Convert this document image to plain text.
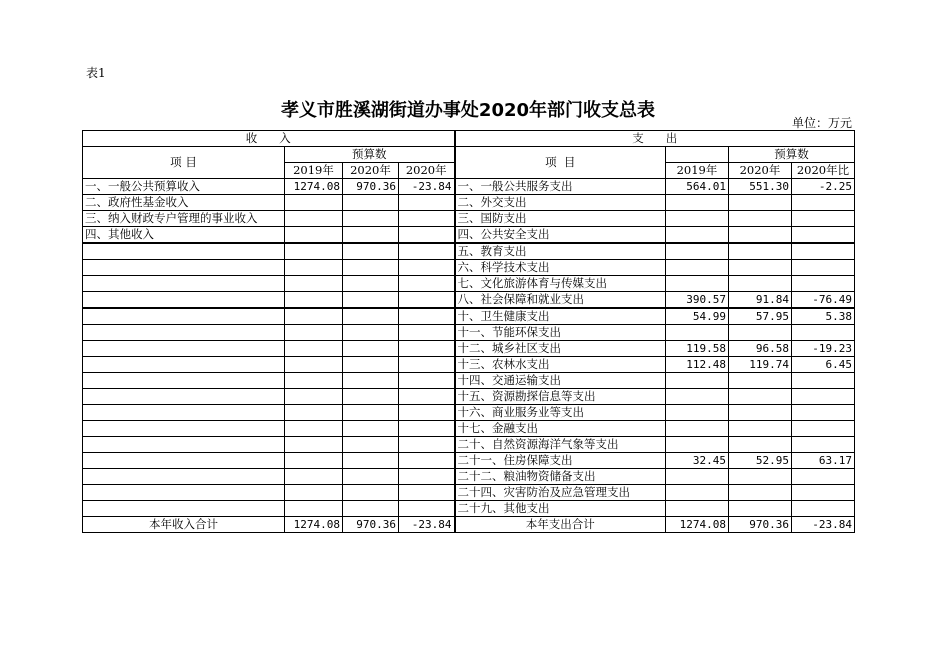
表1
孝义市胜溪湖街道办事处2020年部门收支总表
单位：万元
收      入				支      出			
项 目	预算数			项  目		预算数	
	2019年	2020年	2020年		2019年	2020年	2020年比
一、一般公共预算收入	1274.08	970.36	-23.84	一、一般公共服务支出	564.01	551.30	-2.25
二、政府性基金收入				二、外交支出			
三、纳入财政专户管理的事业收入				三、国防支出			
四、其他收入				四、公共安全支出			
				五、教育支出			
				六、科学技术支出			
				七、文化旅游体育与传媒支出			
				八、社会保障和就业支出	390.57	91.84	-76.49
				十、卫生健康支出	54.99	57.95	5.38
				十一、节能环保支出			
				十二、城乡社区支出	119.58	96.58	-19.23
				十三、农林水支出	112.48	119.74	6.45
				十四、交通运输支出			
				十五、资源勘探信息等支出			
				十六、商业服务业等支出			
				十七、金融支出			
				二十、自然资源海洋气象等支出			
				二十一、住房保障支出	32.45	52.95	63.17
				二十二、粮油物资储备支出			
				二十四、灾害防治及应急管理支出			
				二十九、其他支出			
本年收入合计	1274.08	970.36	-23.84	本年支出合计	1274.08	970.36	-23.84
